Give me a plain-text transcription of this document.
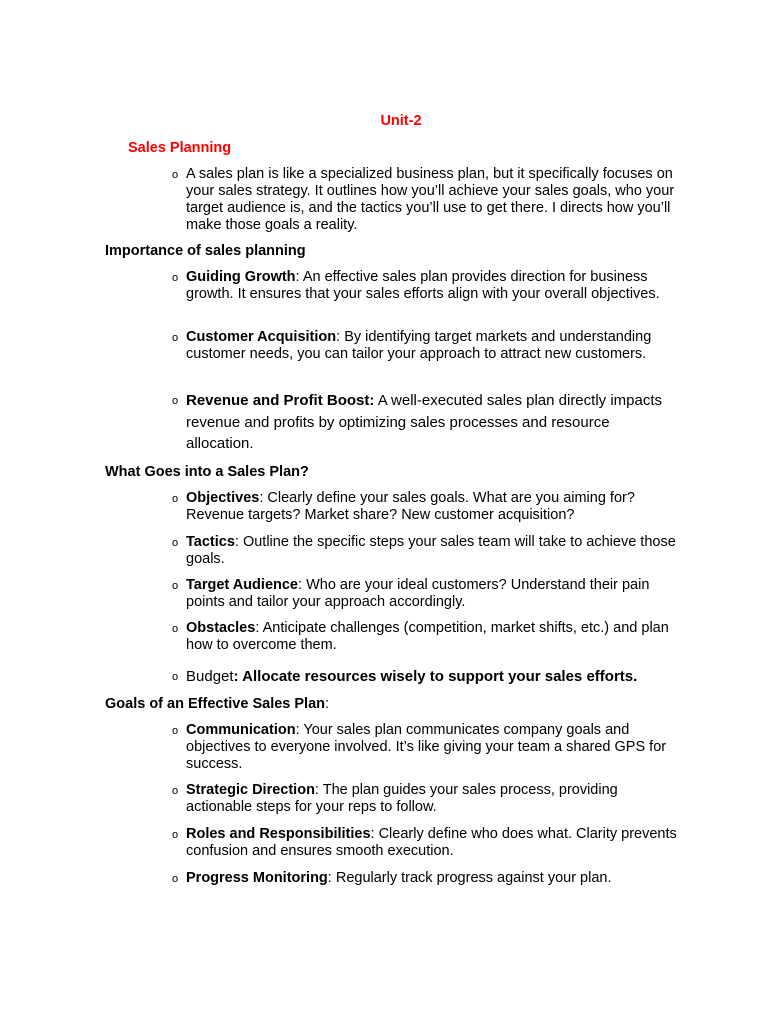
Unit-2
Sales Planning
o A sales plan is like a specialized business plan, but it specifically focuses on your sales strategy. It outlines how you’ll achieve your sales goals, who your target audience is, and the tactics you’ll use to get there. I directs how you’ll make those goals a reality.
Importance of sales planning
o Guiding Growth: An effective sales plan provides direction for business growth. It ensures that your sales efforts align with your overall objectives.
o Customer Acquisition: By identifying target markets and understanding customer needs, you can tailor your approach to attract new customers.
o Revenue and Profit Boost: A well-executed sales plan directly impacts revenue and profits by optimizing sales processes and resource allocation.
What Goes into a Sales Plan?
o Objectives: Clearly define your sales goals. What are you aiming for? Revenue targets? Market share? New customer acquisition?
o Tactics: Outline the specific steps your sales team will take to achieve those goals.
o Target Audience: Who are your ideal customers? Understand their pain points and tailor your approach accordingly.
o Obstacles: Anticipate challenges (competition, market shifts, etc.) and plan how to overcome them.
o Budget: Allocate resources wisely to support your sales efforts.
Goals of an Effective Sales Plan:
o Communication: Your sales plan communicates company goals and objectives to everyone involved. It’s like giving your team a shared GPS for success.
o Strategic Direction: The plan guides your sales process, providing actionable steps for your reps to follow.
o Roles and Responsibilities: Clearly define who does what. Clarity prevents confusion and ensures smooth execution.
o Progress Monitoring: Regularly track progress against your plan.
